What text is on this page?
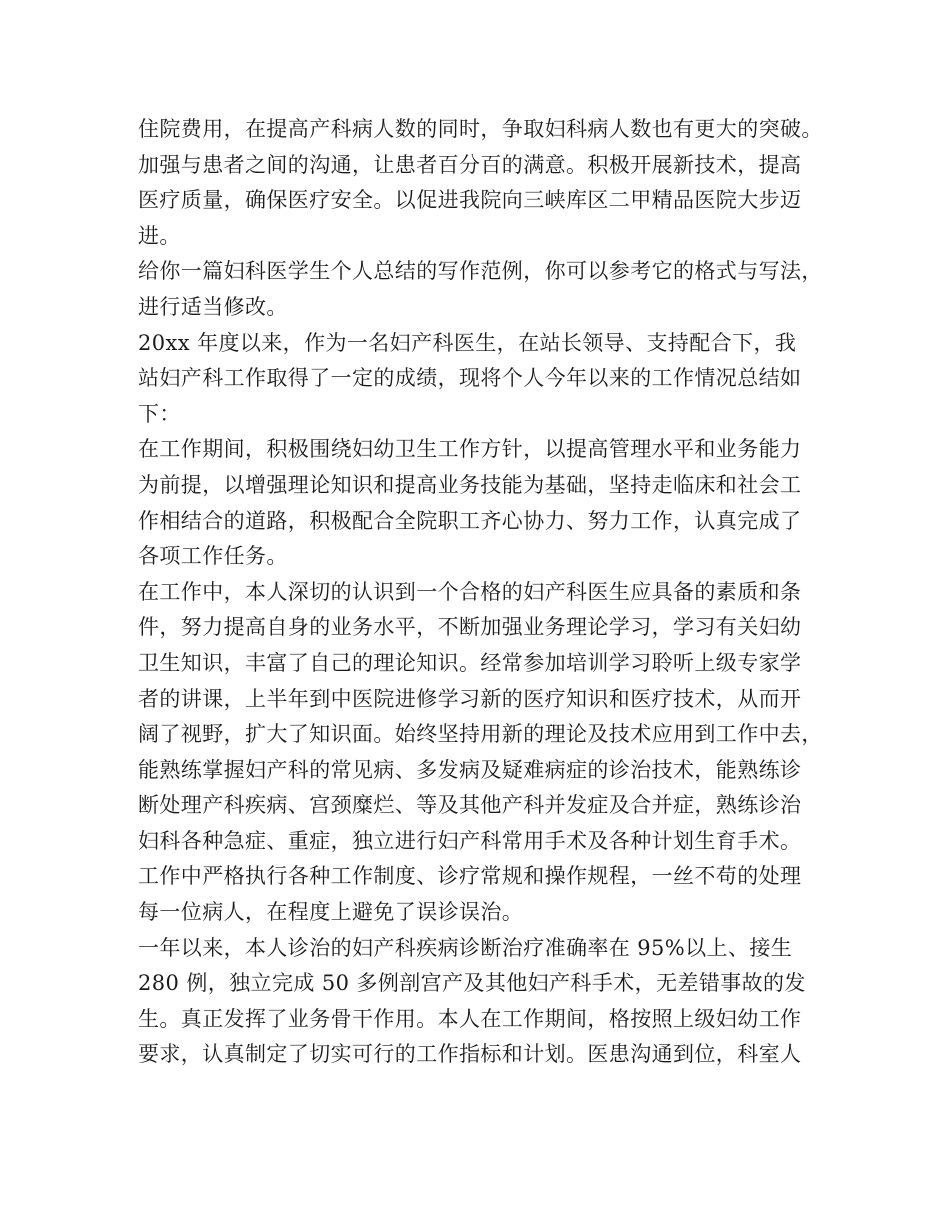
住院费用，在提高产科病人数的同时，争取妇科病人数也有更大的突破。
加强与患者之间的沟通，让患者百分百的满意。积极开展新技术，提高
医疗质量，确保医疗安全。以促进我院向三峡库区二甲精品医院大步迈
进。
给你一篇妇科医学生个人总结的写作范例，你可以参考它的格式与写法，
进行适当修改。
20xx 年度以来，作为一名妇产科医生，在站长领导、支持配合下，我
站妇产科工作取得了一定的成绩，现将个人今年以来的工作情况总结如
下：
在工作期间，积极围绕妇幼卫生工作方针，以提高管理水平和业务能力
为前提，以增强理论知识和提高业务技能为基础，坚持走临床和社会工
作相结合的道路，积极配合全院职工齐心协力、努力工作，认真完成了
各项工作任务。
在工作中，本人深切的认识到一个合格的妇产科医生应具备的素质和条
件，努力提高自身的业务水平，不断加强业务理论学习，学习有关妇幼
卫生知识，丰富了自己的理论知识。经常参加培训学习聆听上级专家学
者的讲课，上半年到中医院进修学习新的医疗知识和医疗技术，从而开
阔了视野，扩大了知识面。始终坚持用新的理论及技术应用到工作中去，
能熟练掌握妇产科的常见病、多发病及疑难病症的诊治技术，能熟练诊
断处理产科疾病、宫颈糜烂、等及其他产科并发症及合并症，熟练诊治
妇科各种急症、重症，独立进行妇产科常用手术及各种计划生育手术。
工作中严格执行各种工作制度、诊疗常规和操作规程，一丝不苟的处理
每一位病人，在程度上避免了误诊误治。
一年以来，本人诊治的妇产科疾病诊断治疗准确率在 95%以上、接生
280 例，独立完成 50 多例剖宫产及其他妇产科手术，无差错事故的发
生。真正发挥了业务骨干作用。本人在工作期间，格按照上级妇幼工作
要求，认真制定了切实可行的工作指标和计划。医患沟通到位，科室人
